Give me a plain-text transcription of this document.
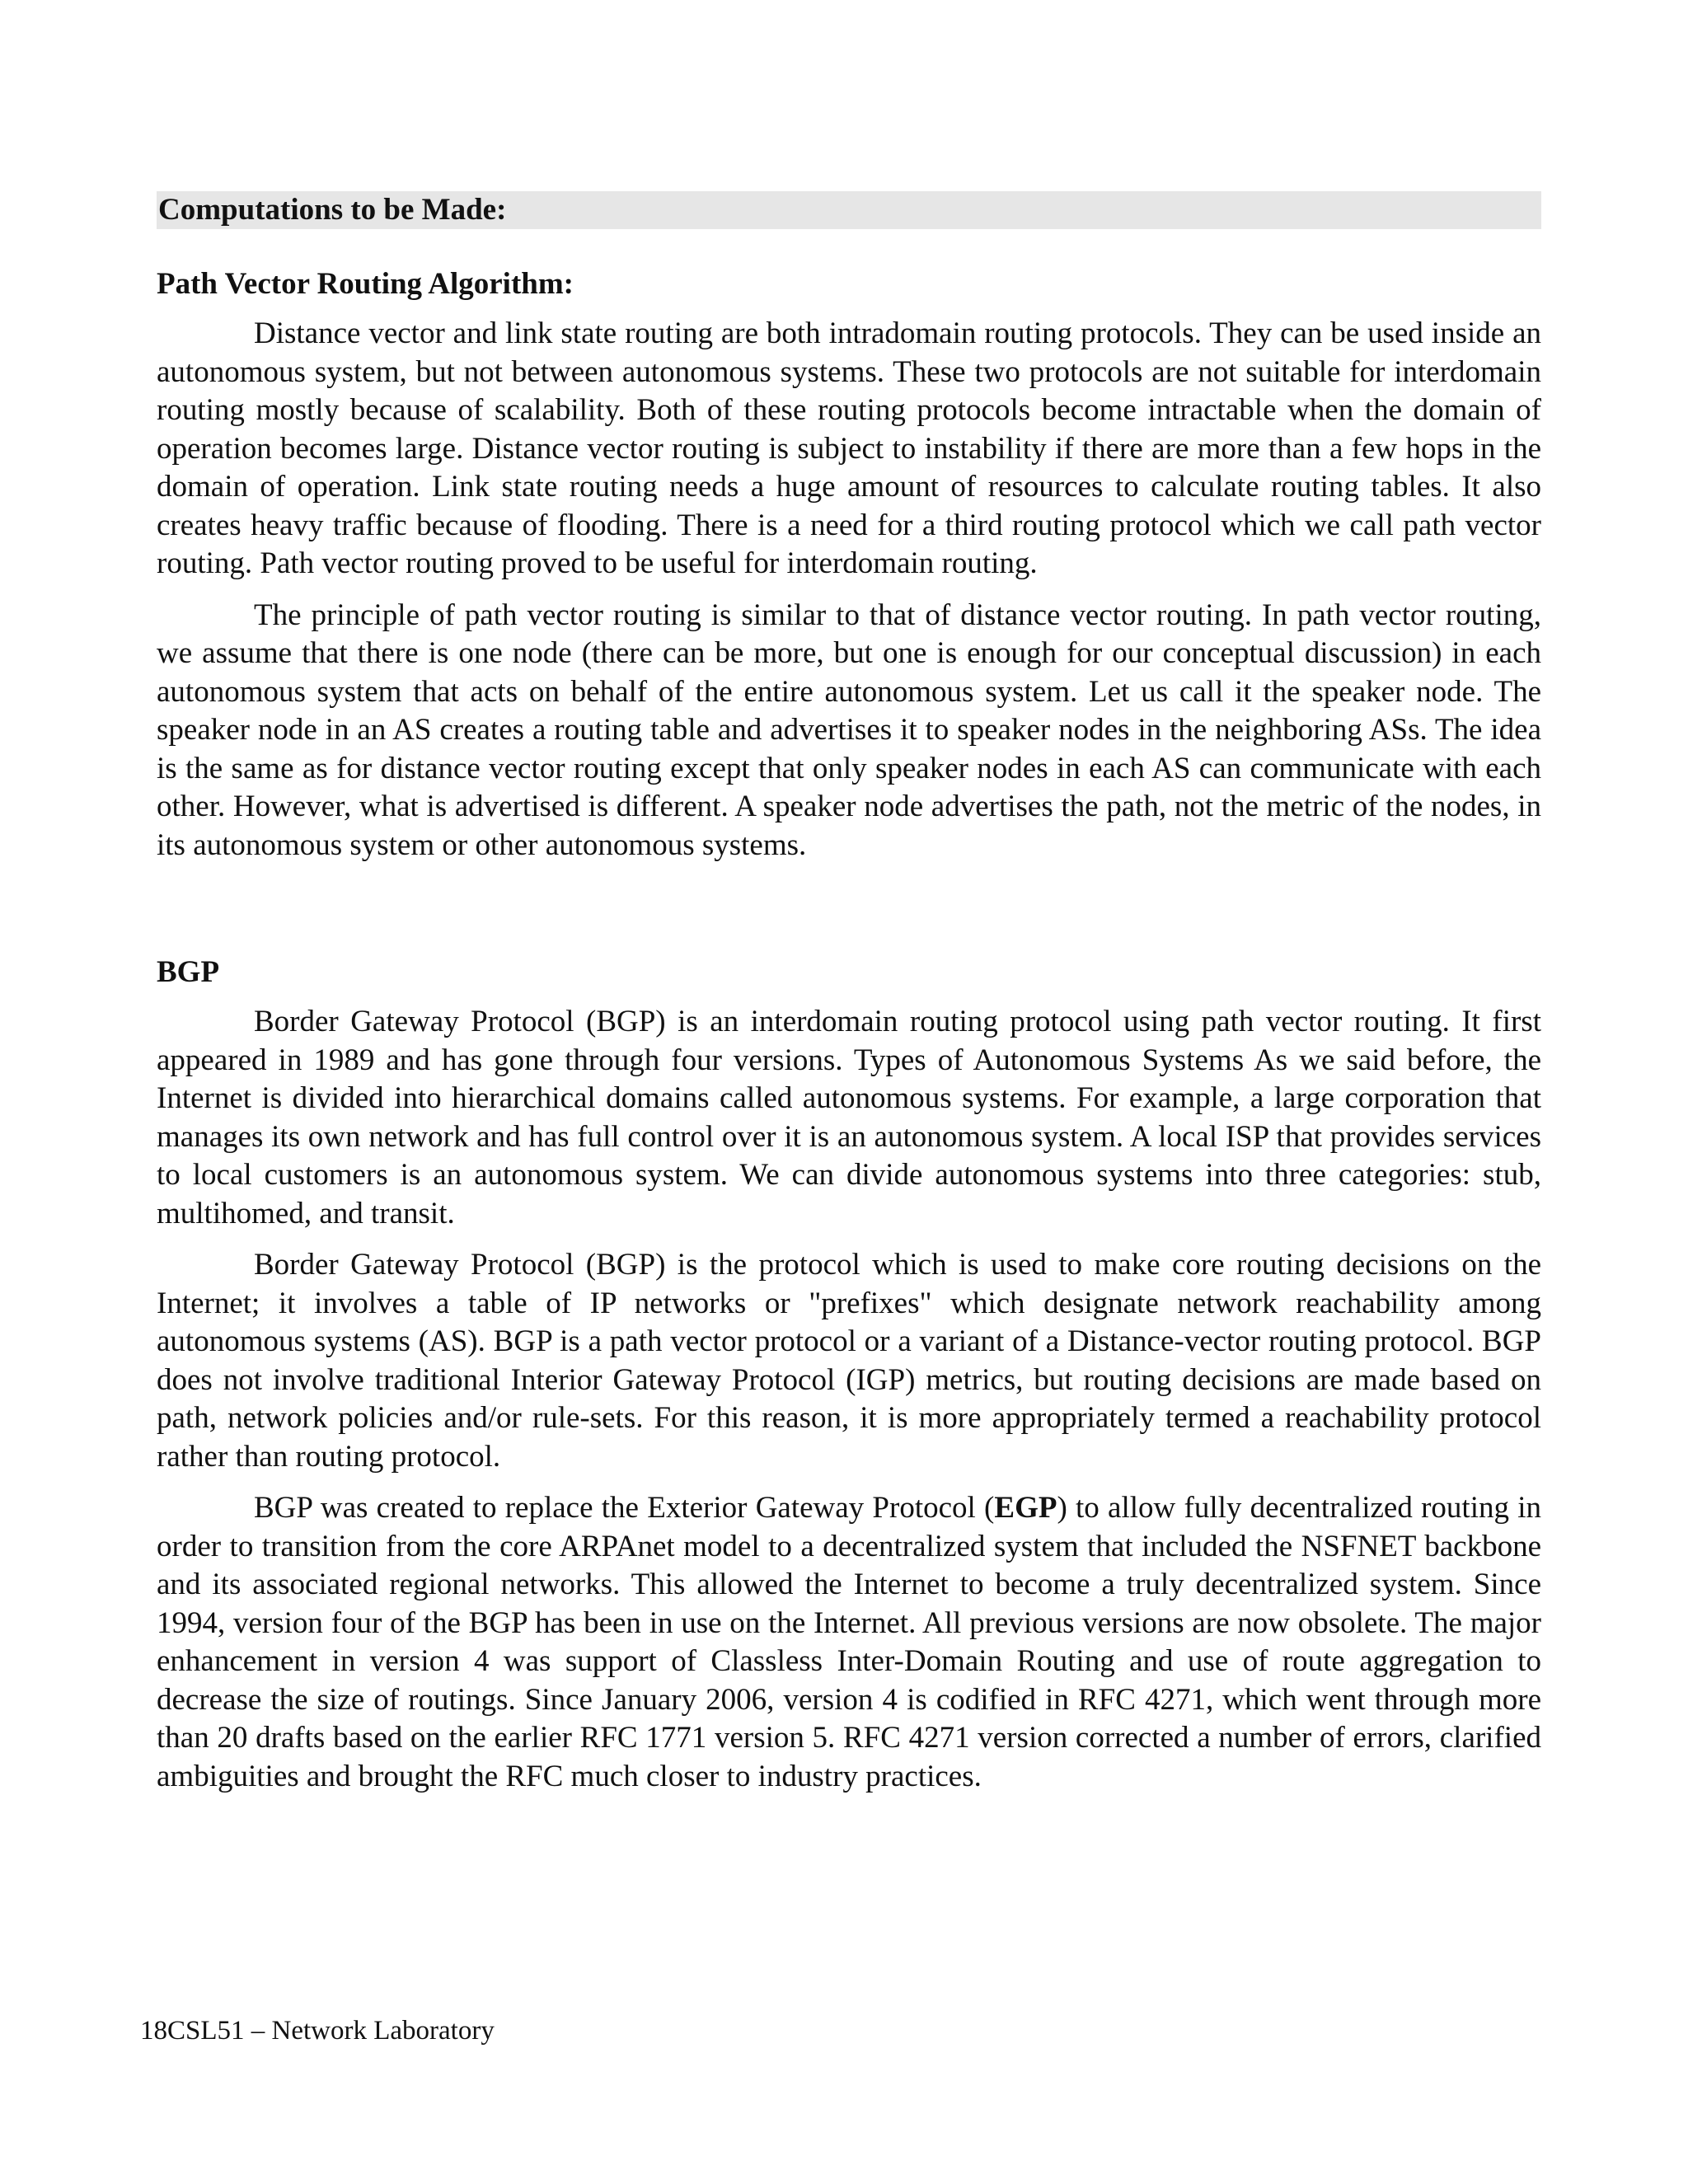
Computations to be Made:
Path Vector Routing Algorithm:

Distance vector and link state routing are both intradomain routing protocols. They can be used inside an autonomous system, but not between autonomous systems. These two protocols are not suitable for interdomain routing mostly because of scalability. Both of these routing protocols become intractable when the domain of operation becomes large. Distance vector routing is subject to instability if there are more than a few hops in the domain of operation. Link state routing needs a huge amount of resources to calculate routing tables. It also creates heavy traffic because of flooding. There is a need for a third routing protocol which we call path vector routing. Path vector routing proved to be useful for interdomain routing.

The principle of path vector routing is similar to that of distance vector routing. In path vector routing, we assume that there is one node (there can be more, but one is enough for our conceptual discussion) in each autonomous system that acts on behalf of the entire autonomous system. Let us call it the speaker node. The speaker node in an AS creates a routing table and advertises it to speaker nodes in the neighboring ASs. The idea is the same as for distance vector routing except that only speaker nodes in each AS can communicate with each other. However, what is advertised is different. A speaker node advertises the path, not the metric of the nodes, in its autonomous system or other autonomous systems.

BGP

Border Gateway Protocol (BGP) is an interdomain routing protocol using path vector routing. It first appeared in 1989 and has gone through four versions. Types of Autonomous Systems As we said before, the Internet is divided into hierarchical domains called autonomous systems. For example, a large corporation that manages its own network and has full control over it is an autonomous system. A local ISP that provides services to local customers is an autonomous system. We can divide autonomous systems into three categories: stub, multihomed, and transit.

Border Gateway Protocol (BGP) is the protocol which is used to make core routing decisions on the Internet; it involves a table of IP networks or "prefixes" which designate network reachability among autonomous systems (AS). BGP is a path vector protocol or a variant of a Distance-vector routing protocol. BGP does not involve traditional Interior Gateway Protocol (IGP) metrics, but routing decisions are made based on path, network policies and/or rule-sets. For this reason, it is more appropriately termed a reachability protocol rather than routing protocol.

BGP was created to replace the Exterior Gateway Protocol (EGP) to allow fully decentralized routing in order to transition from the core ARPAnet model to a decentralized system that included the NSFNET backbone and its associated regional networks. This allowed the Internet to become a truly decentralized system. Since 1994, version four of the BGP has been in use on the Internet. All previous versions are now obsolete. The major enhancement in version 4 was support of Classless Inter-Domain Routing and use of route aggregation to decrease the size of routings. Since January 2006, version 4 is codified in RFC 4271, which went through more than 20 drafts based on the earlier RFC 1771 version 5. RFC 4271 version corrected a number of errors, clarified ambiguities and brought the RFC much closer to industry practices.

18CSL51 – Network Laboratory
